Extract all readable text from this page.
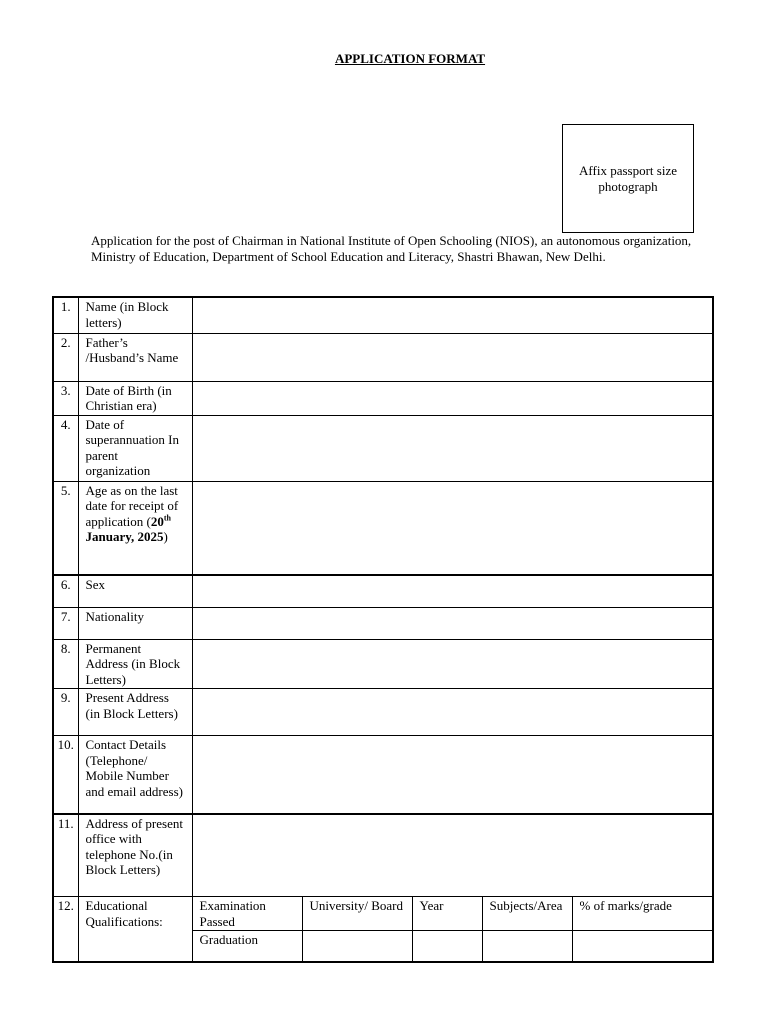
APPLICATION FORMAT
Affix passport size
photograph
Application for the post of Chairman in National Institute of Open Schooling (NIOS), an autonomous organization, Ministry of Education, Department of School Education and Literacy, Shastri Bhawan, New Delhi.
1.	Name (in Block letters)					
2.	Father’s /Husband’s Name					
3.	Date of Birth (in Christian era)					
4.	Date of superannuation In parent organization					
5.	Age as on the last date for receipt of application (20th January, 2025)					
6.	Sex					
7.	Nationality					
8.	Permanent Address (in Block Letters)					
9.	Present Address (in Block Letters)					
10.	Contact Details (Telephone/ Mobile Number and email address)					
11.	Address of present office with telephone No.(in Block Letters)					
12.	Educational Qualifications:	Examination Passed	University/ Board	Year	Subjects/Area	% of marks/grade
		Graduation				
